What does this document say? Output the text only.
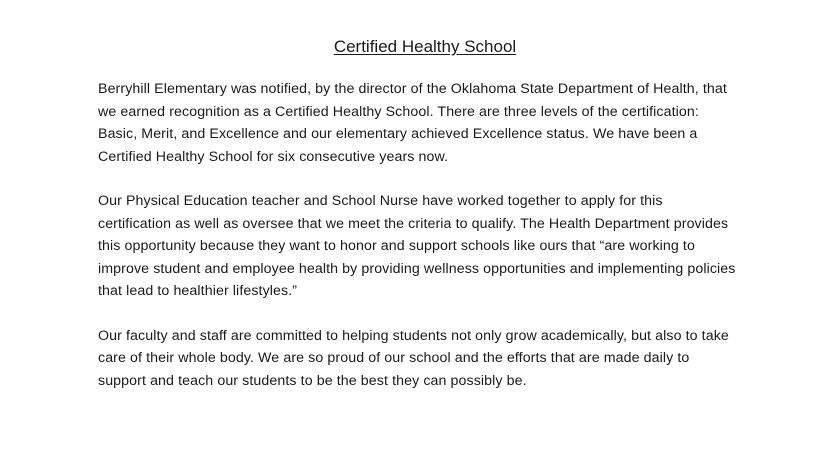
Certified Healthy School

Berryhill Elementary was notified, by the director of the Oklahoma State Department of Health, that we earned recognition as a Certified Healthy School. There are three levels of the certification: Basic, Merit, and Excellence and our elementary achieved Excellence status. We have been a Certified Healthy School for six consecutive years now.

Our Physical Education teacher and School Nurse have worked together to apply for this certification as well as oversee that we meet the criteria to qualify. The Health Department provides this opportunity because they want to honor and support schools like ours that “are working to improve student and employee health by providing wellness opportunities and implementing policies that lead to healthier lifestyles.”

Our faculty and staff are committed to helping students not only grow academically, but also to take care of their whole body. We are so proud of our school and the efforts that are made daily to support and teach our students to be the best they can possibly be.
